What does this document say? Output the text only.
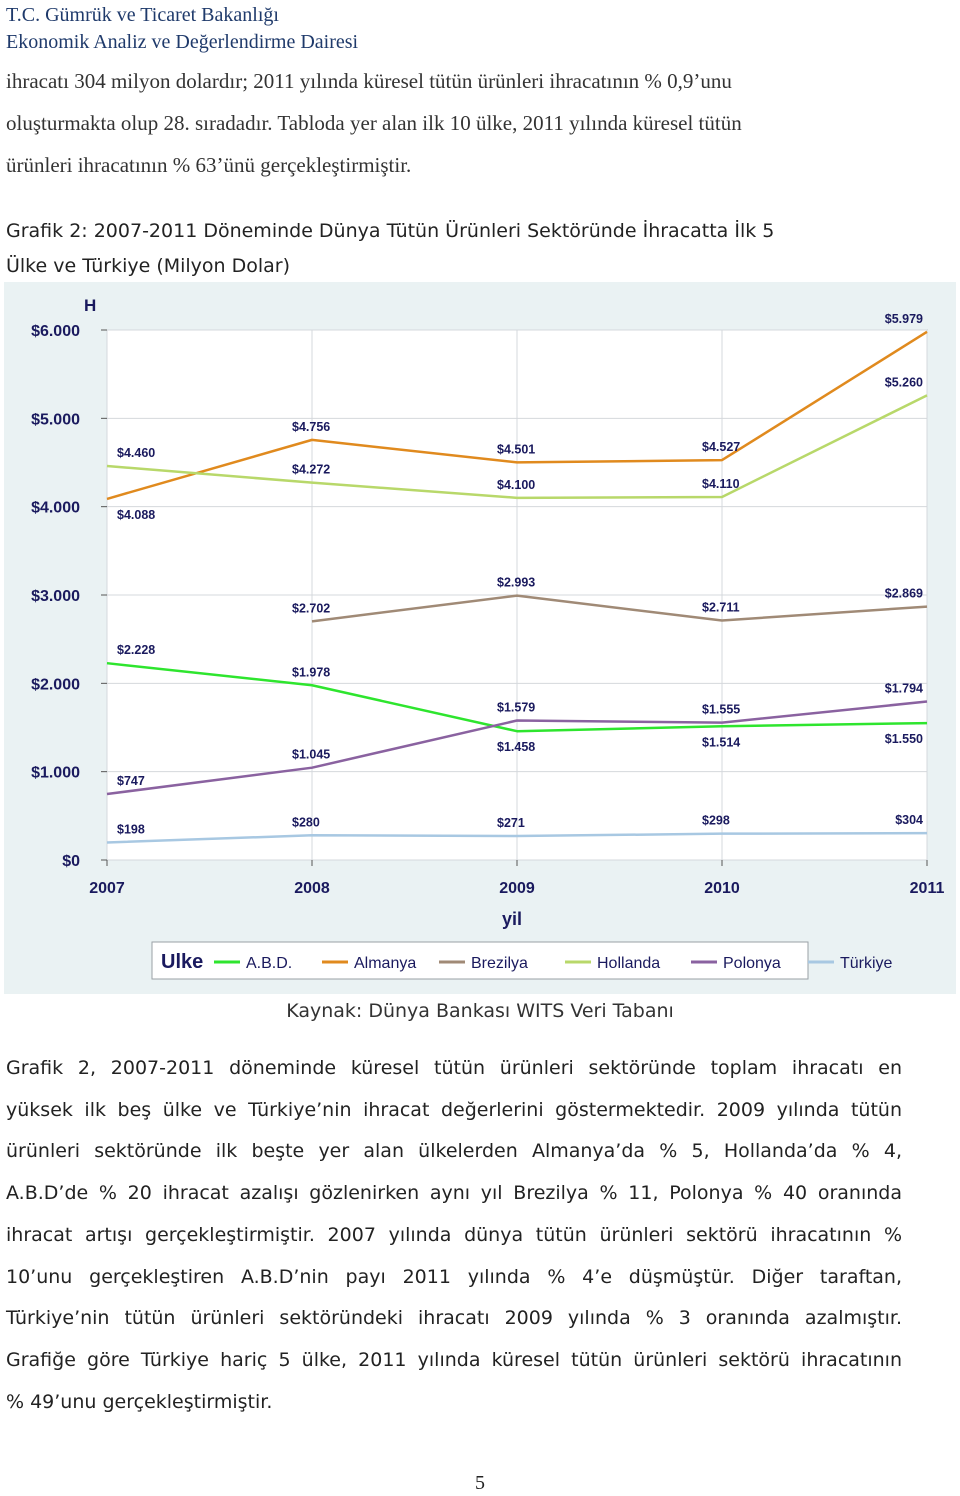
T.C. Gümrük ve Ticaret Bakanlığı
Ekonomik Analiz ve Değerlendirme Dairesi
ihracatı 304 milyon dolardır; 2011 yılında küresel tütün ürünleri ihracatının % 0,9’unu
oluşturmakta olup 28. sıradadır. Tabloda yer alan ilk 10 ülke, 2011 yılında küresel tütün
ürünleri ihracatının % 63’ünü gerçekleştirmiştir.
Grafik 2: 2007-2011 Döneminde Dünya Tütün Ürünleri Sektöründe İhracatta İlk 5
Ülke ve Türkiye (Milyon Dolar)
$0
$1.000
$2.000
$3.000
$4.000
$5.000
$6.000
2007	2008	2009	2010	2011
$2.228
$1.978
$1.458	$1.514	$1.550
$4.088
$4.756
$4.501	$4.527
$5.979
$2.702
$2.993
$2.711
$2.869
$4.460
$4.272
$4.100	$4.110
$5.260
$747
$1.045
$1.579	$1.555
$1.794
$198
$280	$271	$298	$304
H
yil
Ulke	A.B.D.	Almanya	Brezilya	Hollanda	Polonya	Türkiye
Kaynak: Dünya Bankası WITS Veri Tabanı
Grafik 2, 2007-2011 döneminde küresel tütün ürünleri sektöründe toplam ihracatı en
yüksek ilk beş ülke ve Türkiye’nin ihracat değerlerini göstermektedir. 2009 yılında tütün
ürünleri sektöründe ilk beşte yer alan ülkelerden Almanya’da % 5, Hollanda’da % 4,
A.B.D’de % 20 ihracat azalışı gözlenirken aynı yıl Brezilya % 11, Polonya % 40 oranında
ihracat artışı gerçekleştirmiştir. 2007 yılında dünya tütün ürünleri sektörü ihracatının %
10’unu gerçekleştiren A.B.D’nin payı 2011 yılında % 4’e düşmüştür. Diğer taraftan,
Türkiye’nin tütün ürünleri sektöründeki ihracatı 2009 yılında % 3 oranında azalmıştır.
Grafiğe göre Türkiye hariç 5 ülke, 2011 yılında küresel tütün ürünleri sektörü ihracatının
% 49’unu gerçekleştirmiştir.
5
